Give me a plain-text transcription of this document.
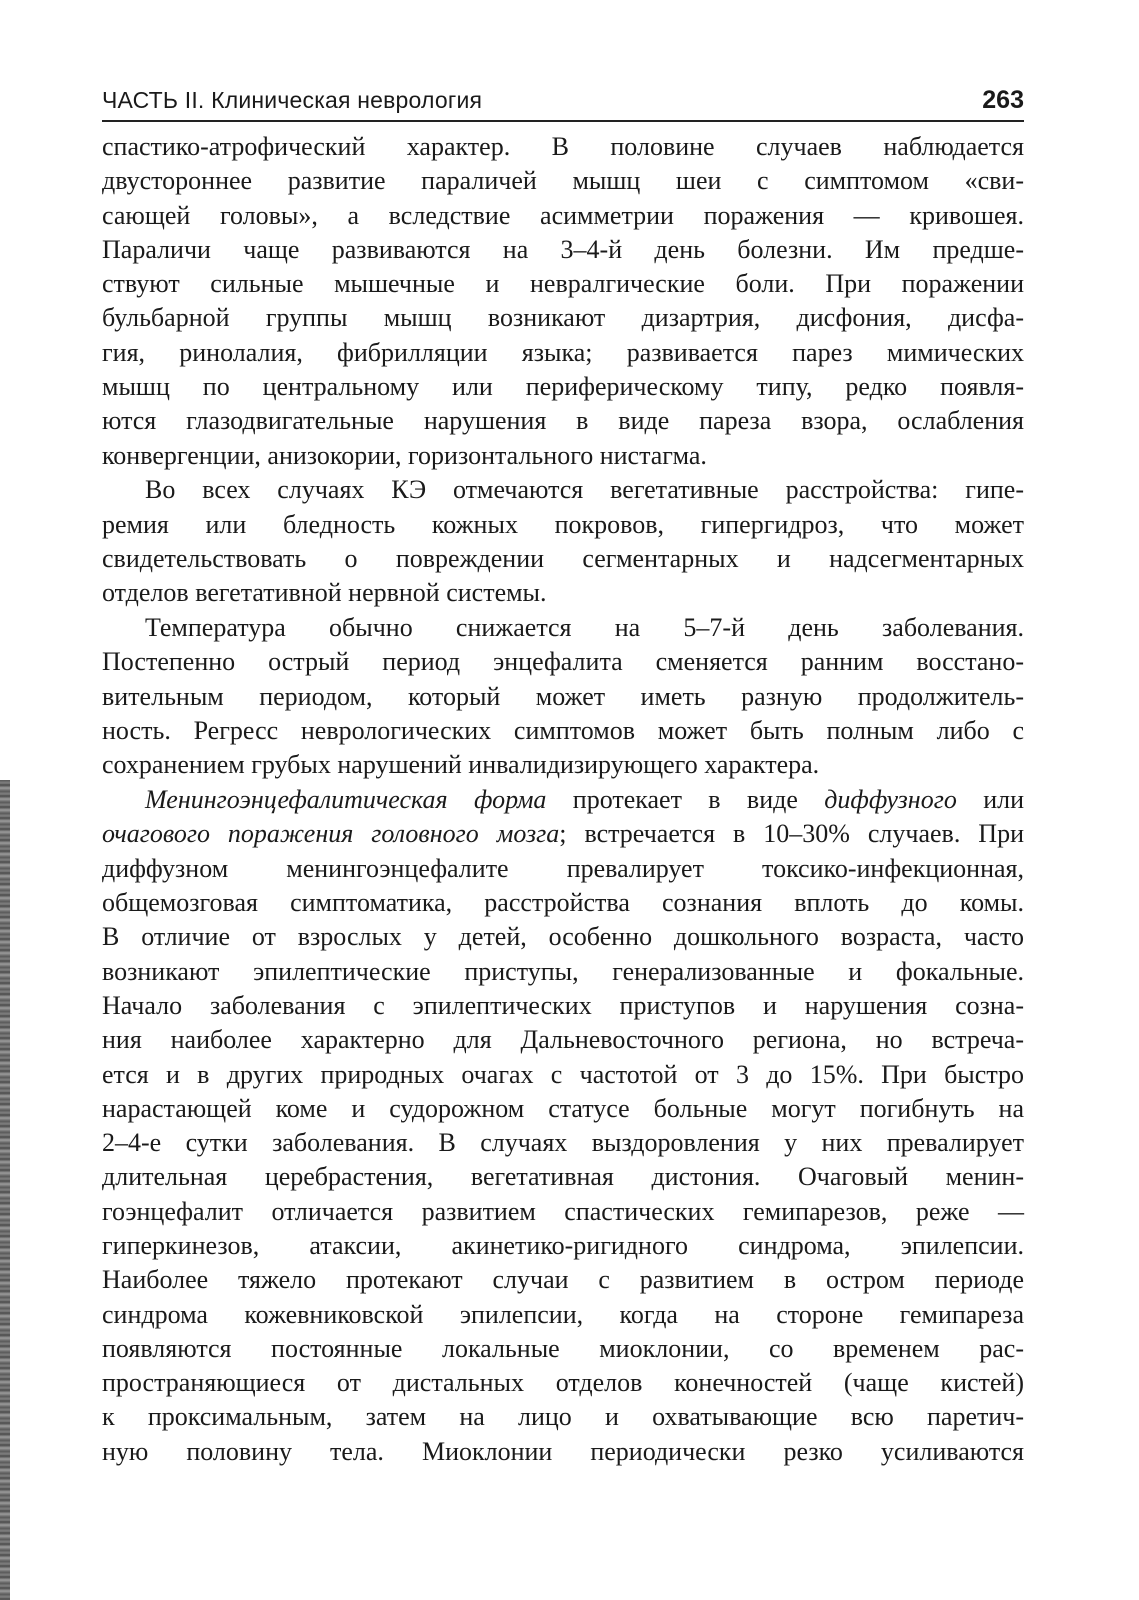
ЧАСТЬ II. Клиническая неврология	263
спастико-атрофический характер. В половине случаев наблюдается
двустороннее развитие параличей мышц шеи с симптомом «сви-
сающей головы», а вследствие асимметрии поражения — кривошея.
Параличи чаще развиваются на 3–4-й день болезни. Им предше-
ствуют сильные мышечные и невралгические боли. При поражении
бульбарной группы мышц возникают дизартрия, дисфония, дисфа-
гия, ринолалия, фибрилляции языка; развивается парез мимических
мышц по центральному или периферическому типу, редко появля-
ются глазодвигательные нарушения в виде пареза взора, ослабления
конвергенции, анизокории, горизонтального нистагма.
Во всех случаях КЭ отмечаются вегетативные расстройства: гипе-
ремия или бледность кожных покровов, гипергидроз, что может
свидетельствовать о повреждении сегментарных и надсегментарных
отделов вегетативной нервной системы.
Температура обычно снижается на 5–7-й день заболевания.
Постепенно острый период энцефалита сменяется ранним восстано-
вительным периодом, который может иметь разную продолжитель-
ность. Регресс неврологических симптомов может быть полным либо с
сохранением грубых нарушений инвалидизирующего характера.
Менингоэнцефалитическая форма протекает в виде диффузного или
очагового поражения головного мозга; встречается в 10–30% случаев. При
диффузном менингоэнцефалите превалирует токсико-инфекционная,
общемозговая симптоматика, расстройства сознания вплоть до комы.
В отличие от взрослых у детей, особенно дошкольного возраста, часто
возникают эпилептические приступы, генерализованные и фокальные.
Начало заболевания с эпилептических приступов и нарушения созна-
ния наиболее характерно для Дальневосточного региона, но встреча-
ется и в других природных очагах с частотой от 3 до 15%. При быстро
нарастающей коме и судорожном статусе больные могут погибнуть на
2–4-е сутки заболевания. В случаях выздоровления у них превалирует
длительная церебрастения, вегетативная дистония. Очаговый менин-
гоэнцефалит отличается развитием спастических гемипарезов, реже —
гиперкинезов, атаксии, акинетико-ригидного синдрома, эпилепсии.
Наиболее тяжело протекают случаи с развитием в остром периоде
синдрома кожевниковской эпилепсии, когда на стороне гемипареза
появляются постоянные локальные миоклонии, со временем рас-
пространяющиеся от дистальных отделов конечностей (чаще кистей)
к проксимальным, затем на лицо и охватывающие всю паретич-
ную половину тела. Миоклонии периодически резко усиливаются
